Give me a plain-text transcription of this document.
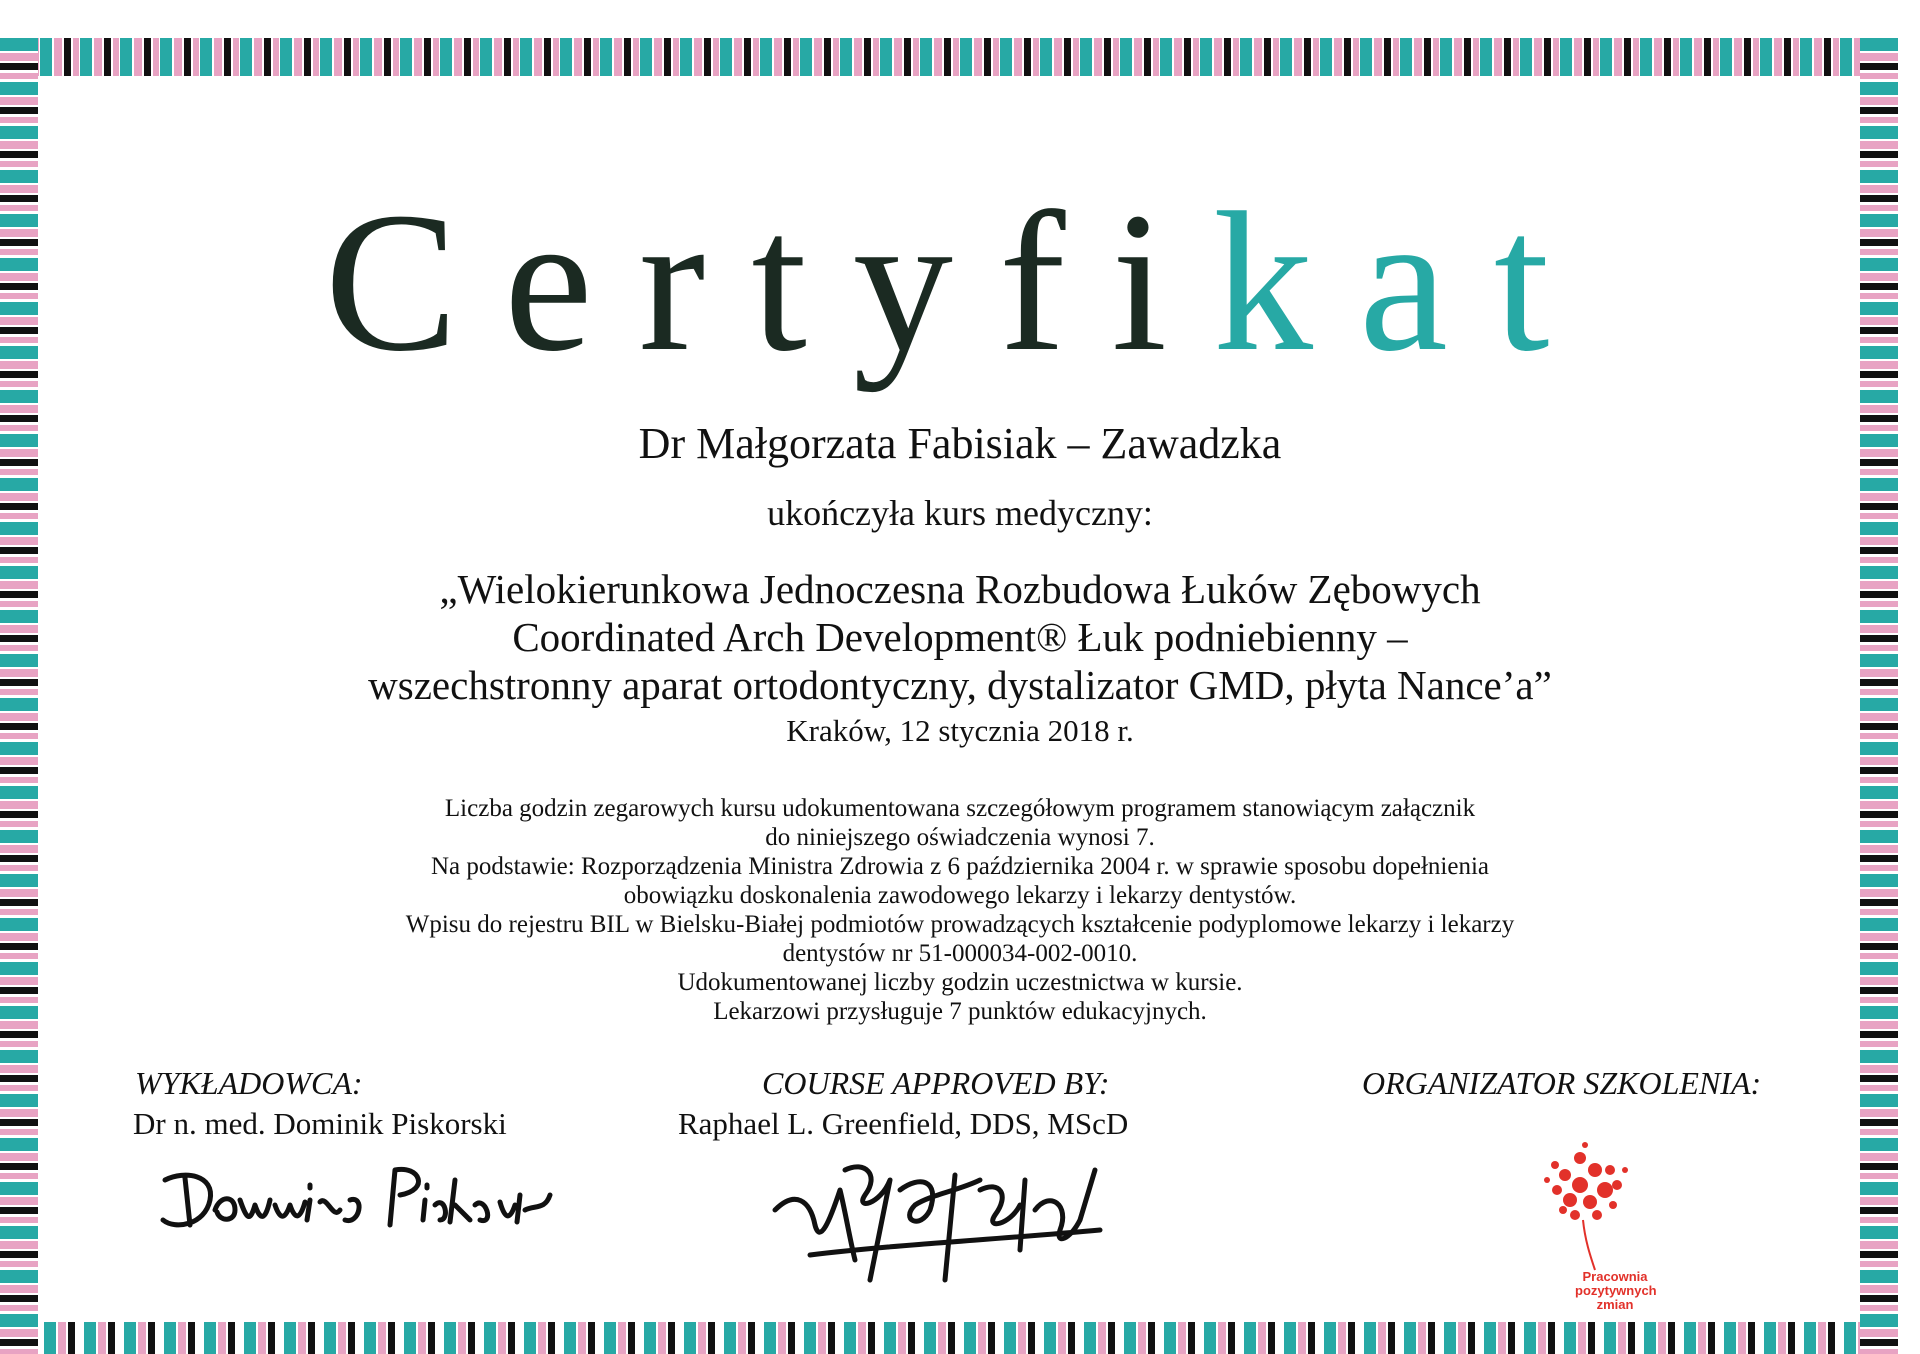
Certyfikat
Dr Małgorzata Fabisiak – Zawadzka
ukończyła kurs medyczny:
„Wielokierunkowa Jednoczesna Rozbudowa Łuków Zębowych
Coordinated Arch Development® Łuk podniebienny –
wszechstronny aparat ortodontyczny, dystalizator GMD, płyta Nance’a”
Kraków, 12 stycznia 2018 r.
Liczba godzin zegarowych kursu udokumentowana szczegółowym programem stanowiącym załącznik
do niniejszego oświadczenia wynosi 7.
Na podstawie: Rozporządzenia Ministra Zdrowia z 6 października 2004 r. w sprawie sposobu dopełnienia
obowiązku doskonalenia zawodowego lekarzy i lekarzy dentystów.
Wpisu do rejestru BIL w Bielsku-Białej podmiotów prowadzących kształcenie podyplomowe lekarzy i lekarzy
dentystów nr 51-000034-002-0010.
Udokumentowanej liczby godzin uczestnictwa w kursie.
Lekarzowi przysługuje 7 punktów edukacyjnych.
WYKŁADOWCA:
Dr n. med. Dominik Piskorski
COURSE APPROVED BY:
Raphael L. Greenfield, DDS, MScD
ORGANIZATOR SZKOLENIA:
Pracownia
pozytywnych
zmian
